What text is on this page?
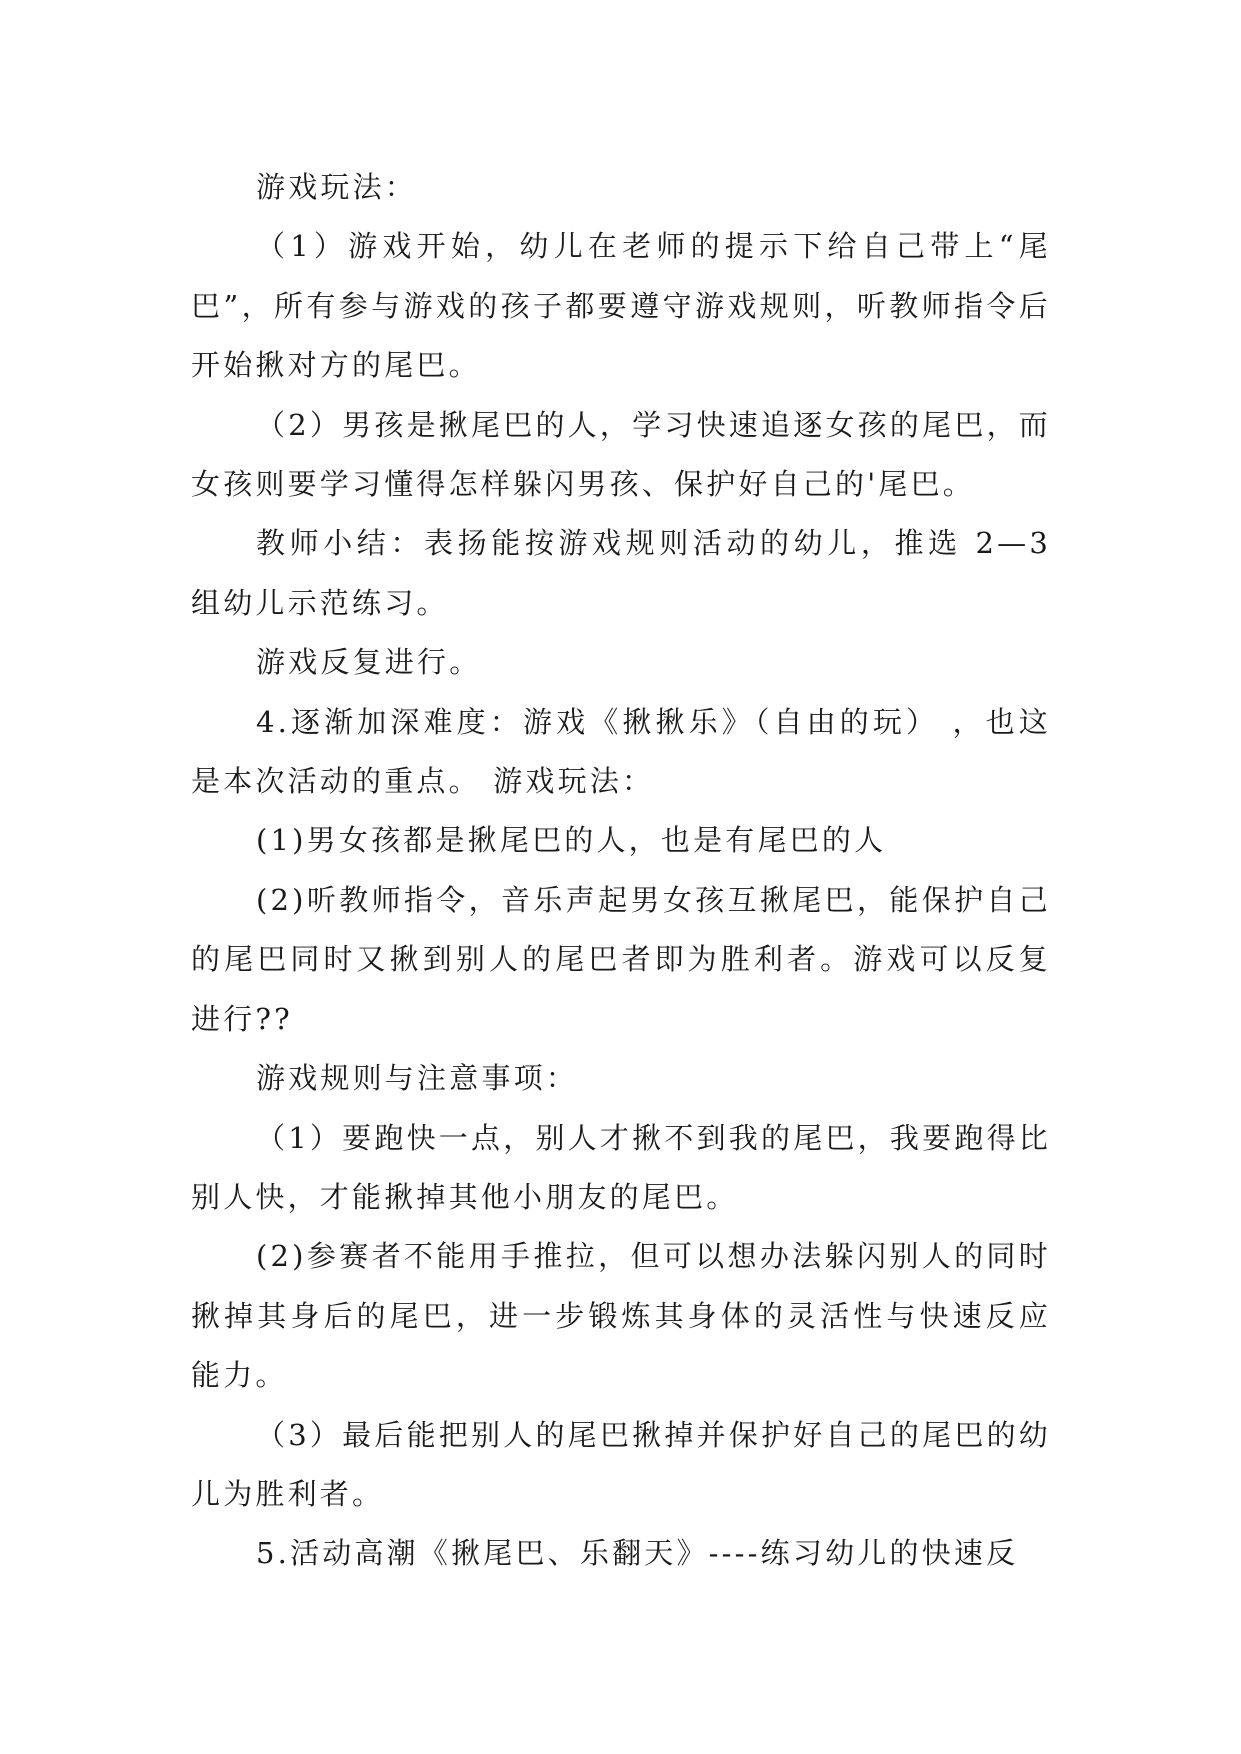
游戏玩法：

（1）游戏开始，幼儿在老师的提示下给自己带上“尾巴”，所有参与游戏的孩子都要遵守游戏规则，听教师指令后开始揪对方的尾巴。

（2）男孩是揪尾巴的人，学习快速追逐女孩的尾巴，而女孩则要学习懂得怎样躲闪男孩、保护好自己的'尾巴。

教师小结：表扬能按游戏规则活动的幼儿，推选 2—3组幼儿示范练习。

游戏反复进行。

4.逐渐加深难度：游戏《揪揪乐》（自由的玩） ，也这是本次活动的重点。 游戏玩法：

(1)男女孩都是揪尾巴的人，也是有尾巴的人

(2)听教师指令，音乐声起男女孩互揪尾巴，能保护自己的尾巴同时又揪到别人的尾巴者即为胜利者。游戏可以反复进行??

游戏规则与注意事项：

（1）要跑快一点，别人才揪不到我的尾巴，我要跑得比别人快，才能揪掉其他小朋友的尾巴。

(2)参赛者不能用手推拉，但可以想办法躲闪别人的同时揪掉其身后的尾巴，进一步锻炼其身体的灵活性与快速反应能力。

（3）最后能把别人的尾巴揪掉并保护好自己的尾巴的幼儿为胜利者。

5.活动高潮《揪尾巴、乐翻天》----练习幼儿的快速反
